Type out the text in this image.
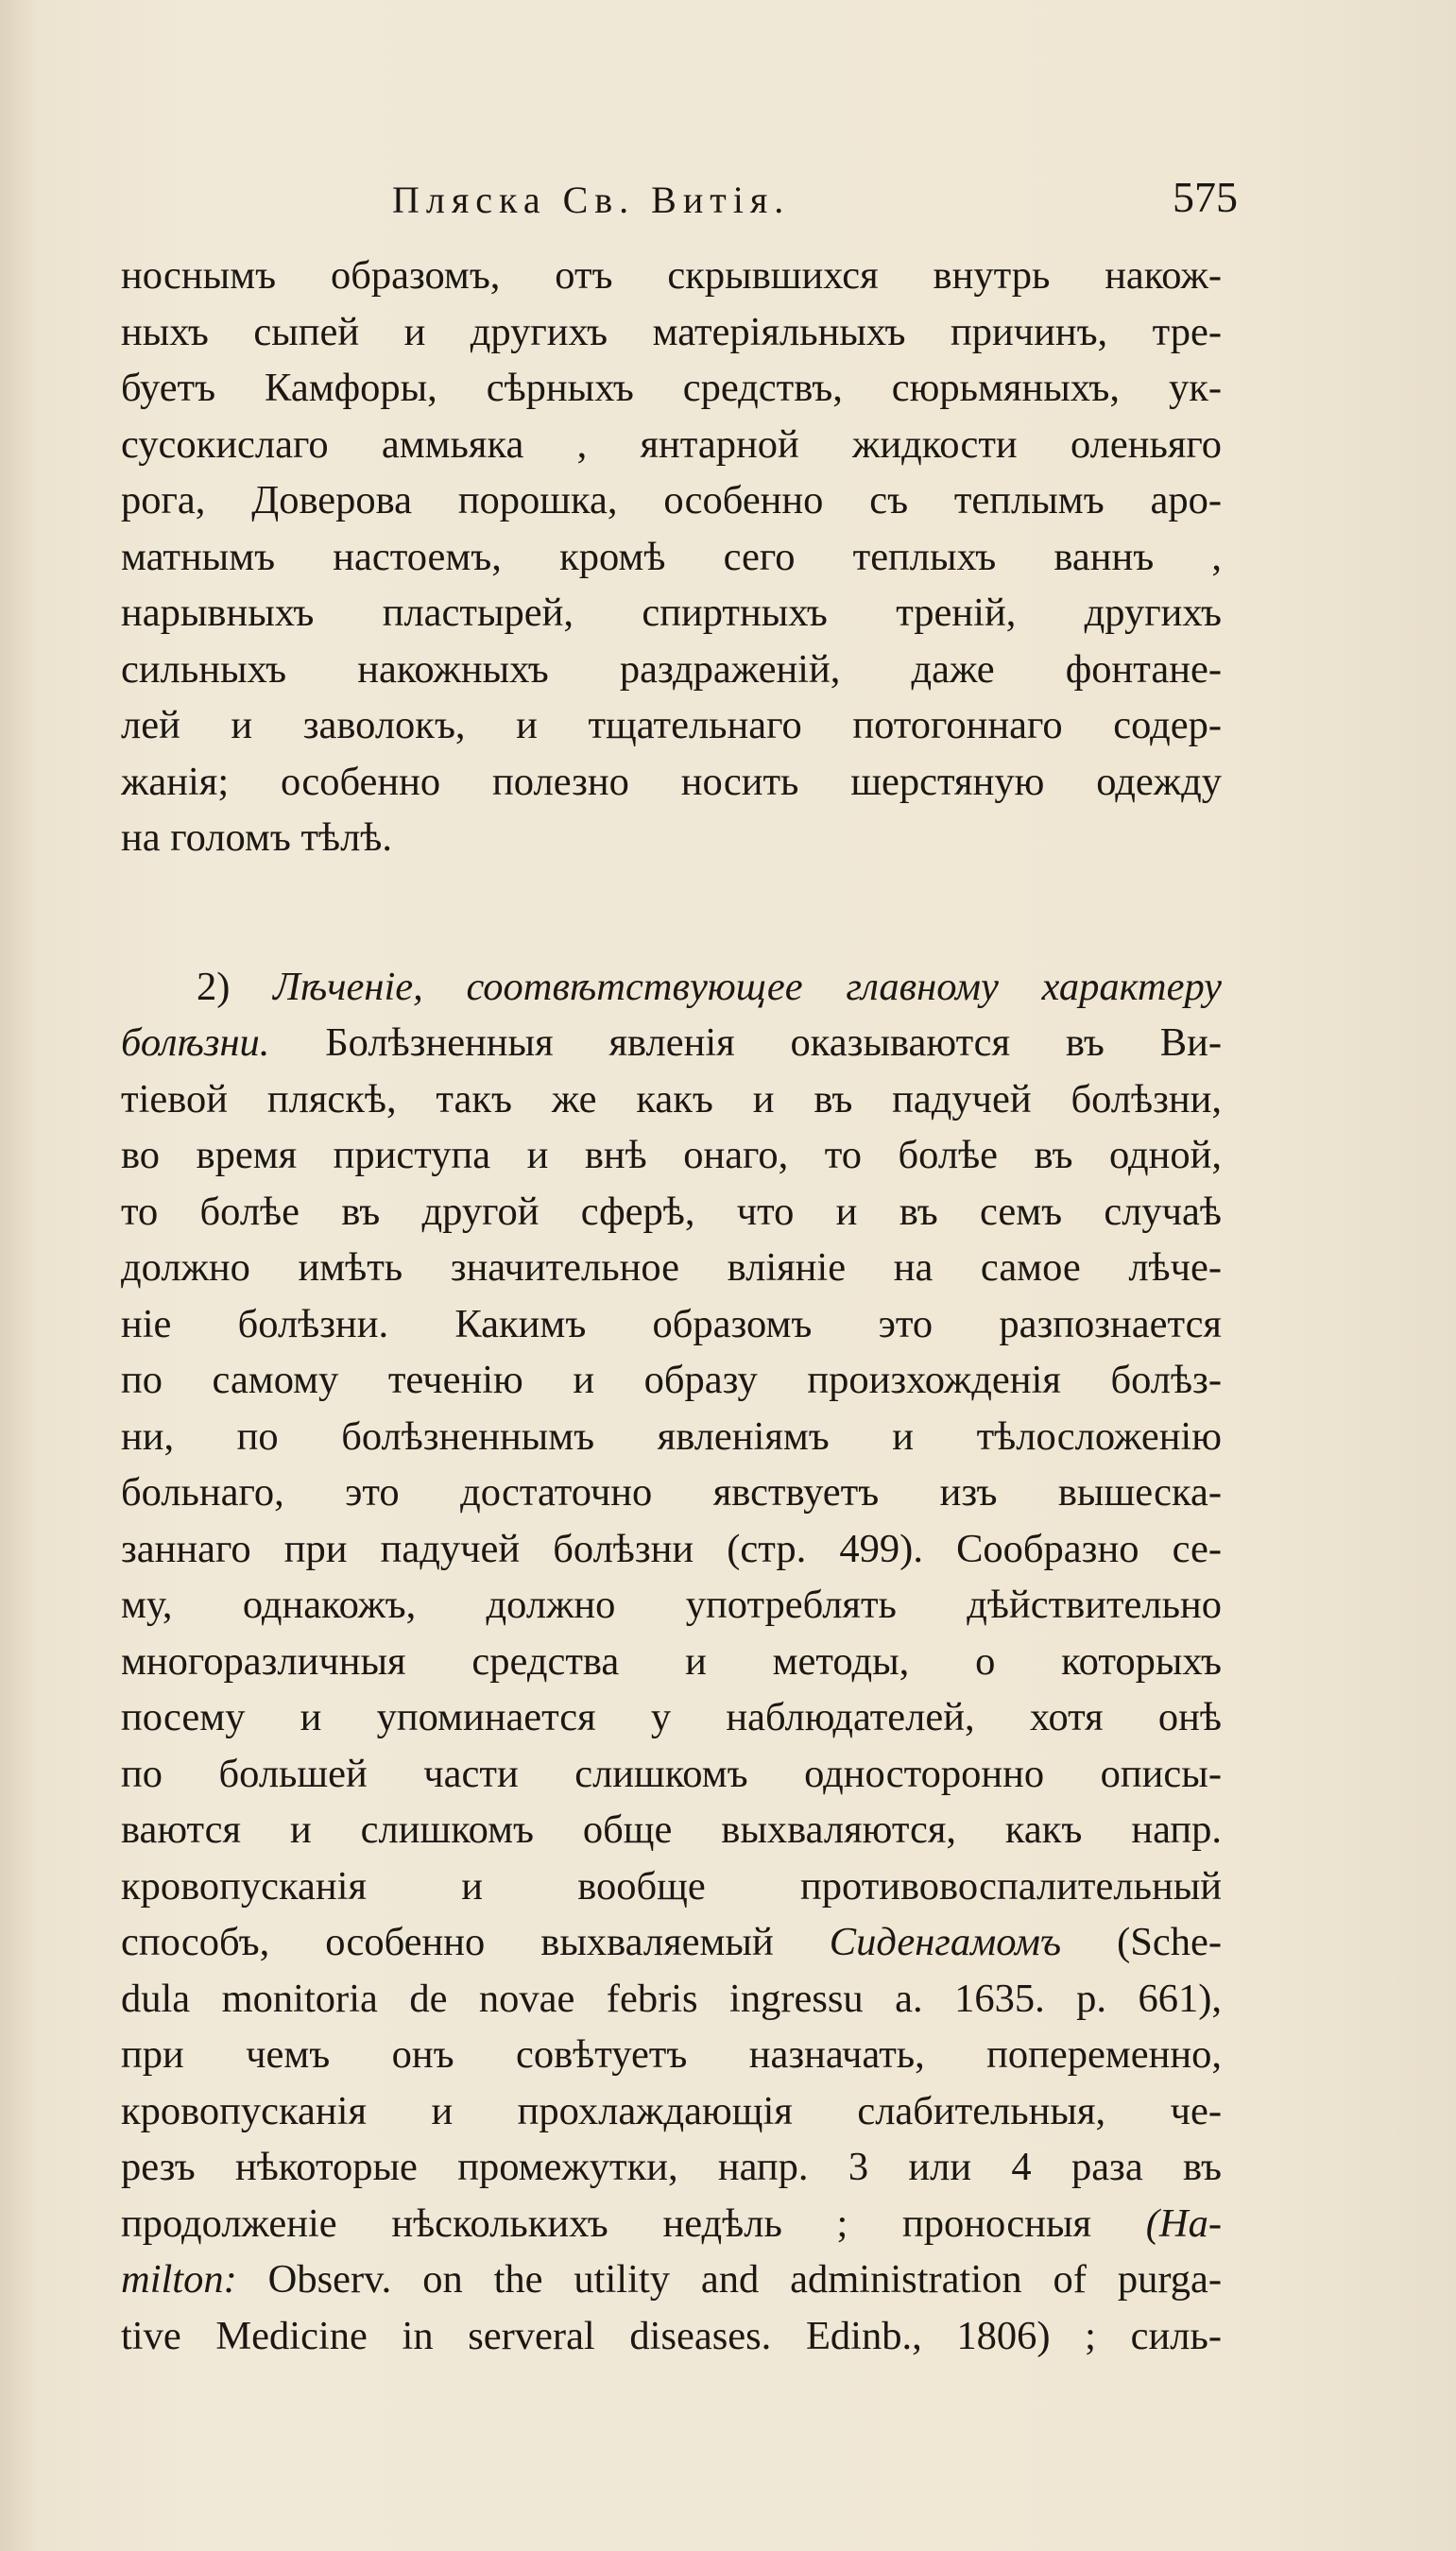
Пляска Св. Витія.	575
носнымъ образомъ, отъ скрывшихся внутрь накож-
ныхъ сыпей и другихъ матеріяльныхъ причинъ, тре-
буетъ Камфоры, сѣрныхъ средствъ, сюрьмяныхъ, ук-
сусокислаго аммьяка , янтарной жидкости оленьяго
рога, Доверова порошка, особенно съ теплымъ аро-
матнымъ настоемъ, кромѣ сего теплыхъ ваннъ ,
нарывныхъ пластырей, спиртныхъ треній, другихъ
сильныхъ накожныхъ раздраженій, даже фонтане-
лей и заволокъ, и тщательнаго потогоннаго содер-
жанія; особенно полезно носить шерстяную одежду
на голомъ тѣлѣ.
2) Лѣченіе, соотвѣтствующее главному характеру
болѣзни. Болѣзненныя явленія оказываются въ Ви-
тіевой пляскѣ, такъ же какъ и въ падучей болѣзни,
во время приступа и внѣ онаго, то болѣе въ одной,
то болѣе въ другой сферѣ, что и въ семъ случаѣ
должно имѣть значительное вліяніе на самое лѣче-
ніе болѣзни. Какимъ образомъ это разпознается
по самому теченію и образу произхожденія болѣз-
ни, по болѣзненнымъ явленіямъ и тѣлосложенію
больнаго, это достаточно явствуетъ изъ вышеска-
заннаго при падучей болѣзни (стр. 499). Сообразно се-
му, однакожъ, должно употреблять дѣйствительно
многоразличныя средства и методы, о которыхъ
посему и упоминается у наблюдателей, хотя онѣ
по большей части слишкомъ односторонно описы-
ваются и слишкомъ обще выхваляются, какъ напр.
кровопусканія и вообще противовоспалительный
способъ, особенно выхваляемый Сиденгамомъ (Sche-
dula monitoria de novae febris ingressu a. 1635. p. 661),
при чемъ онъ совѣтуетъ назначать, попеременно,
кровопусканія и прохлаждающія слабительныя, че-
резъ нѣкоторые промежутки, напр. 3 или 4 раза въ
продолженіе нѣсколькихъ недѣль ; проносныя (Ha-
milton: Observ. on the utility and administration of purga-
tive Medicine in serveral diseases. Edinb., 1806) ; силь-
